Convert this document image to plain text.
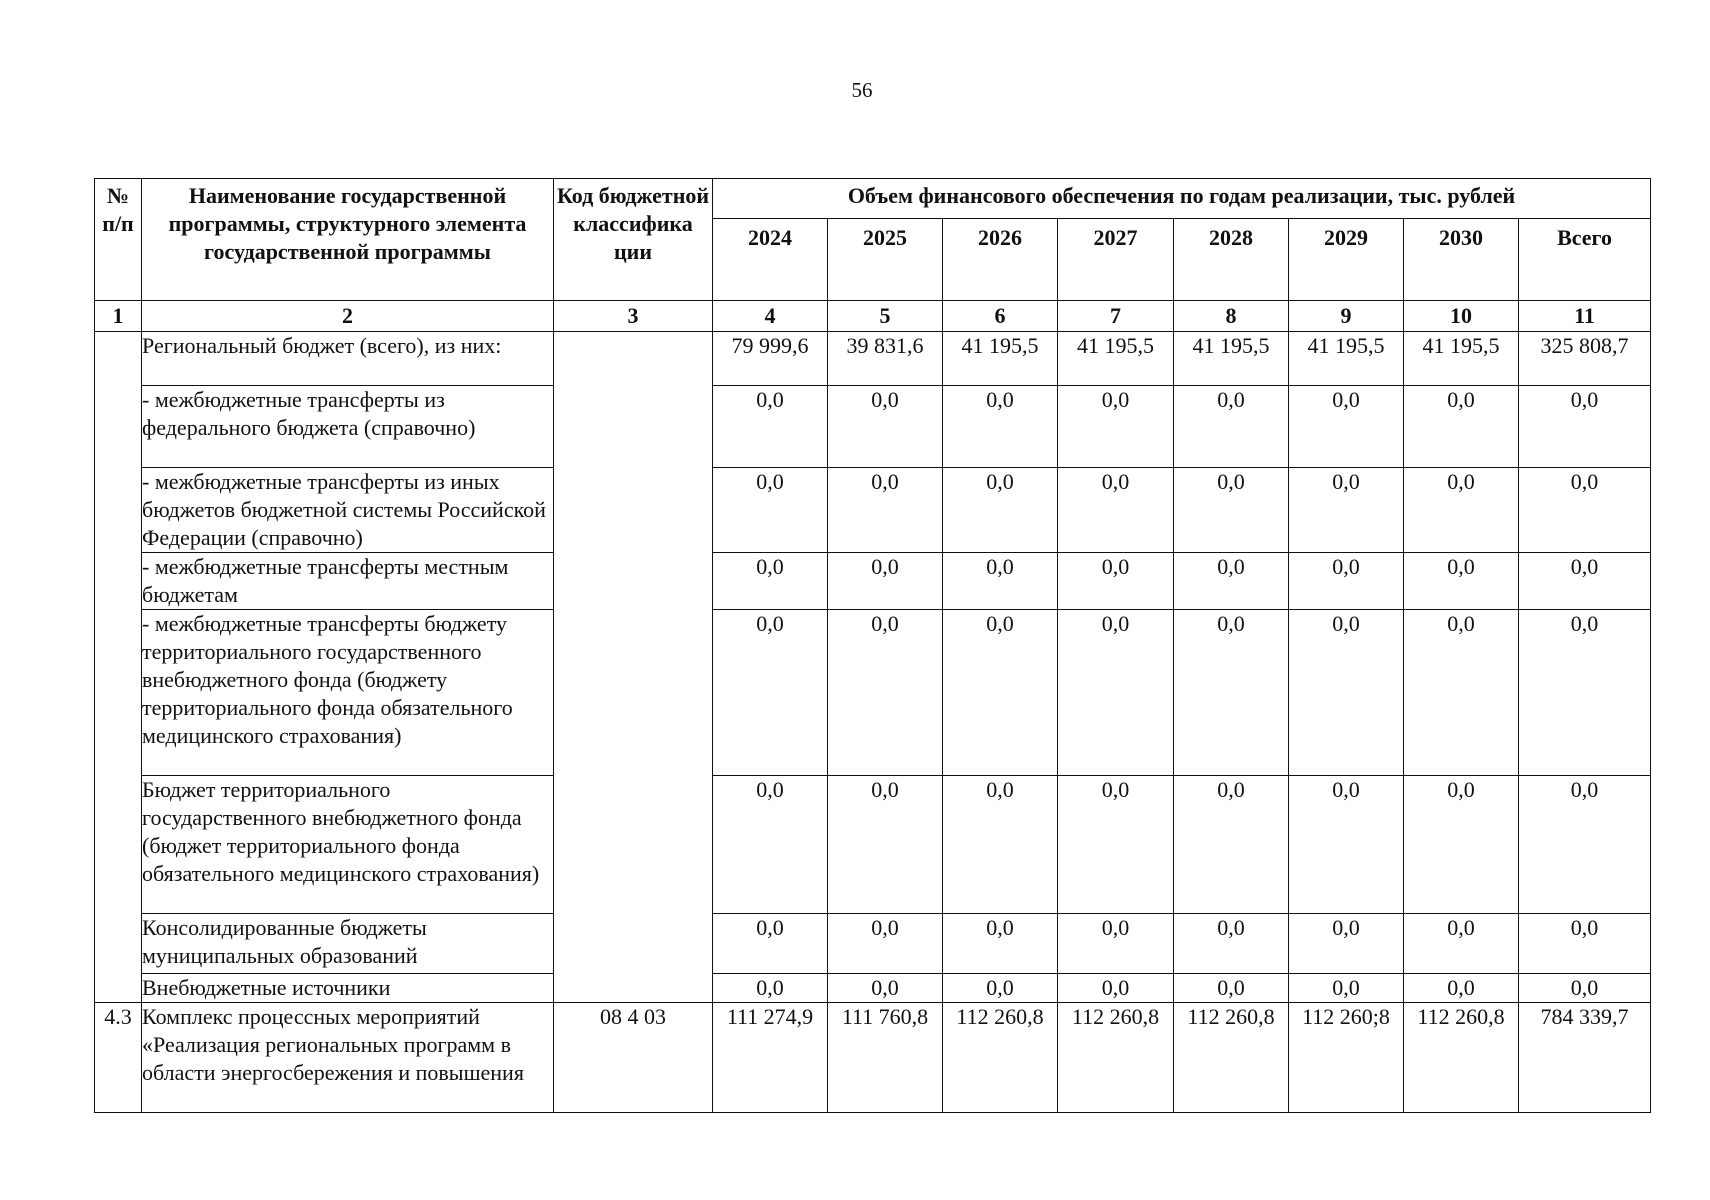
56
№ п/п	Наименование государственной программы, структурного элемента государственной программы	Код бюджетной классифика ции	Объем финансового обеспечения по годам реализации, тыс. рублей							
			2024	2025	2026	2027	2028	2029	2030	Всего
1	2	3	4	5	6	7	8	9	10	11
	Региональный бюджет (всего), из них:		79 999,6	39 831,6	41 195,5	41 195,5	41 195,5	41 195,5	41 195,5	325 808,7
	- межбюджетные трансферты из федерального бюджета (справочно)		0,0	0,0	0,0	0,0	0,0	0,0	0,0	0,0
	- межбюджетные трансферты из иных бюджетов бюджетной системы Российской Федерации (справочно)		0,0	0,0	0,0	0,0	0,0	0,0	0,0	0,0
	- межбюджетные трансферты местным бюджетам		0,0	0,0	0,0	0,0	0,0	0,0	0,0	0,0
	- межбюджетные трансферты бюджету территориального государственного внебюджетного фонда (бюджету территориального фонда обязательного медицинского страхования)		0,0	0,0	0,0	0,0	0,0	0,0	0,0	0,0
	Бюджет территориального государственного внебюджетного фонда (бюджет территориального фонда обязательного медицинского страхования)		0,0	0,0	0,0	0,0	0,0	0,0	0,0	0,0
	Консолидированные бюджеты муниципальных образований		0,0	0,0	0,0	0,0	0,0	0,0	0,0	0,0
	Внебюджетные источники		0,0	0,0	0,0	0,0	0,0	0,0	0,0	0,0
4.3	Комплекс процессных мероприятий «Реализация региональных программ в области энергосбережения и повышения	08 4 03	111 274,9	111 760,8	112 260,8	112 260,8	112 260,8	112 260;8	112 260,8	784 339,7
